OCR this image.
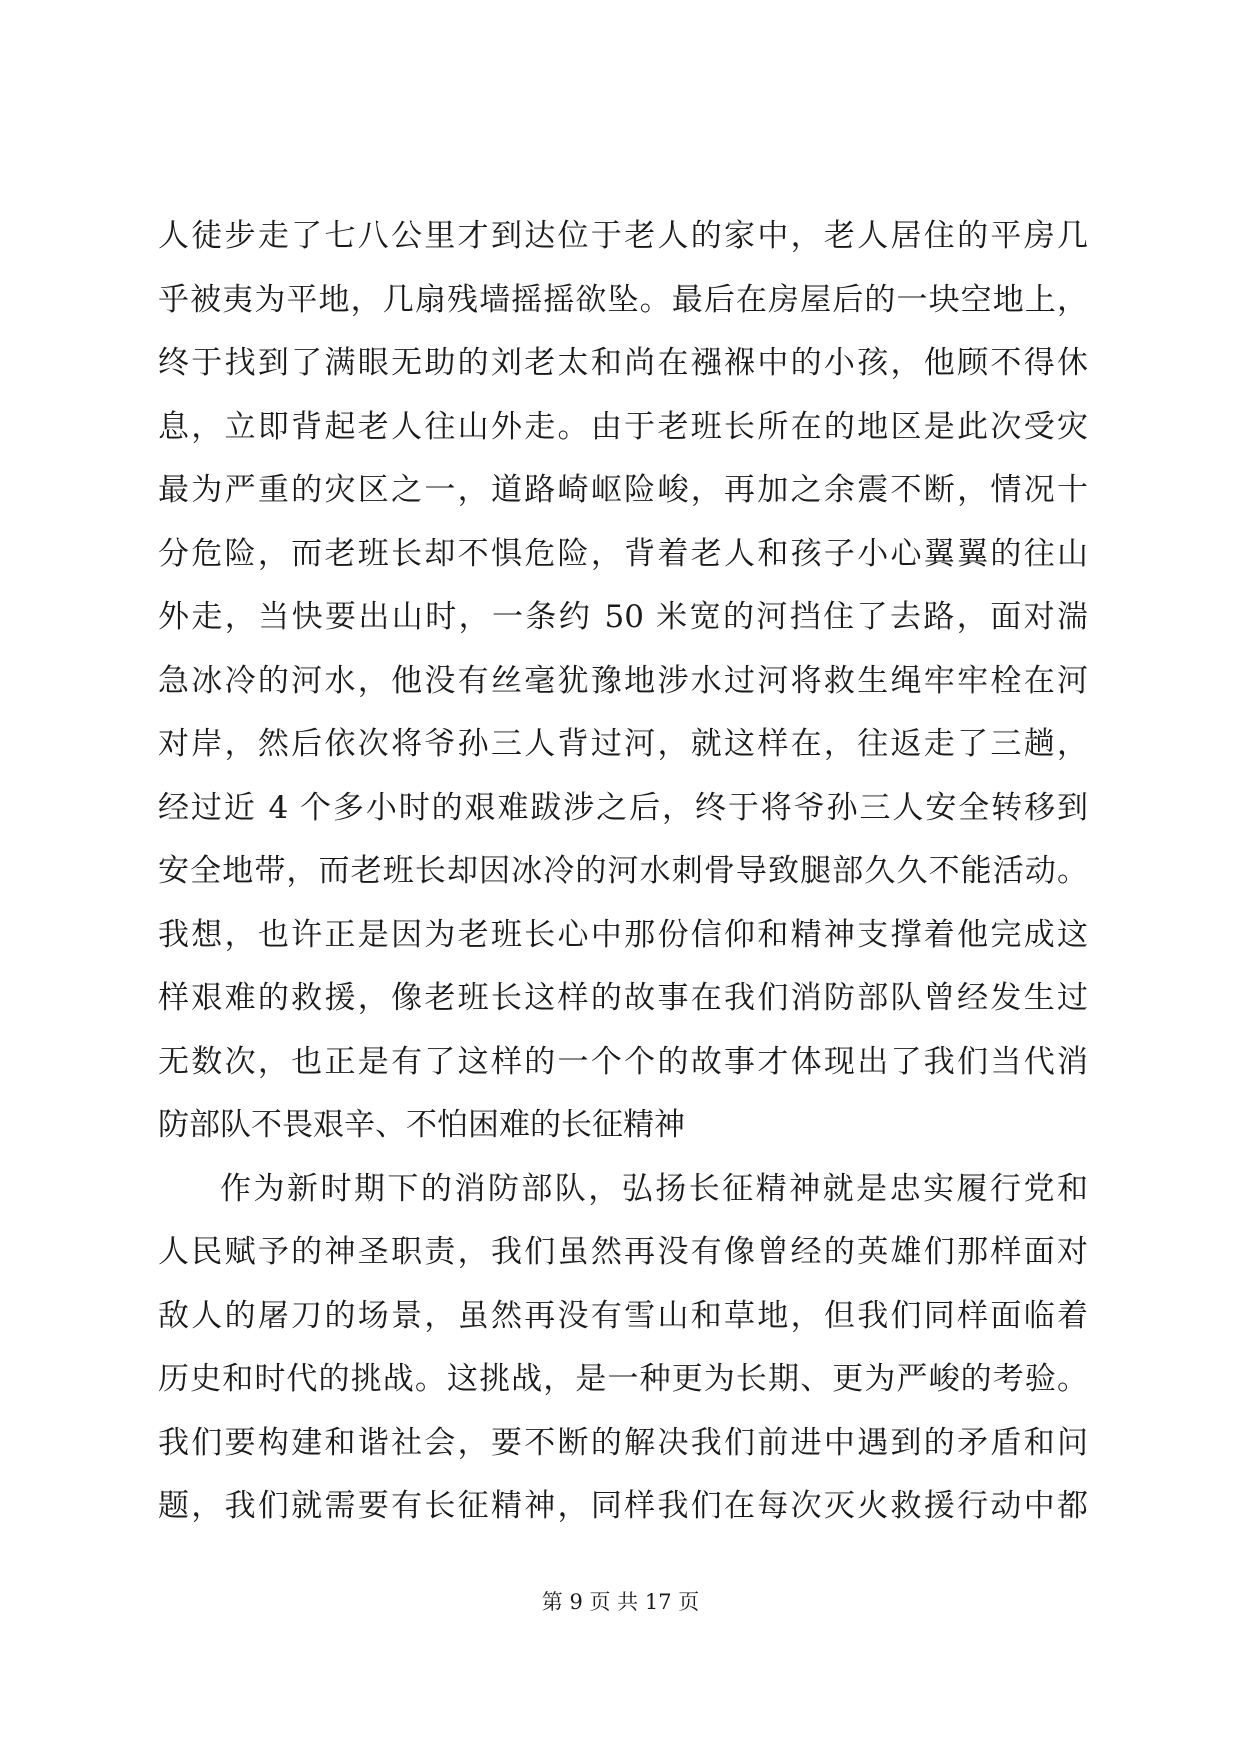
人徒步走了七八公里才到达位于老人的家中，老人居住的平房几
乎被夷为平地，几扇残墙摇摇欲坠。最后在房屋后的一块空地上，
终于找到了满眼无助的刘老太和尚在襁褓中的小孩，他顾不得休
息，立即背起老人往山外走。由于老班长所在的地区是此次受灾
最为严重的灾区之一，道路崎岖险峻，再加之余震不断，情况十
分危险，而老班长却不惧危险，背着老人和孩子小心翼翼的往山
外走，当快要出山时，一条约 50 米宽的河挡住了去路，面对湍
急冰冷的河水，他没有丝毫犹豫地涉水过河将救生绳牢牢栓在河
对岸，然后依次将爷孙三人背过河，就这样在，往返走了三趟，
经过近 4 个多小时的艰难跋涉之后，终于将爷孙三人安全转移到
安全地带，而老班长却因冰冷的河水刺骨导致腿部久久不能活动。
我想，也许正是因为老班长心中那份信仰和精神支撑着他完成这
样艰难的救援，像老班长这样的故事在我们消防部队曾经发生过
无数次，也正是有了这样的一个个的故事才体现出了我们当代消
防部队不畏艰辛、不怕困难的长征精神
作为新时期下的消防部队，弘扬长征精神就是忠实履行党和
人民赋予的神圣职责，我们虽然再没有像曾经的英雄们那样面对
敌人的屠刀的场景，虽然再没有雪山和草地，但我们同样面临着
历史和时代的挑战。这挑战，是一种更为长期、更为严峻的考验。
我们要构建和谐社会，要不断的解决我们前进中遇到的矛盾和问
题，我们就需要有长征精神，同样我们在每次灭火救援行动中都
第 9 页 共 17 页
